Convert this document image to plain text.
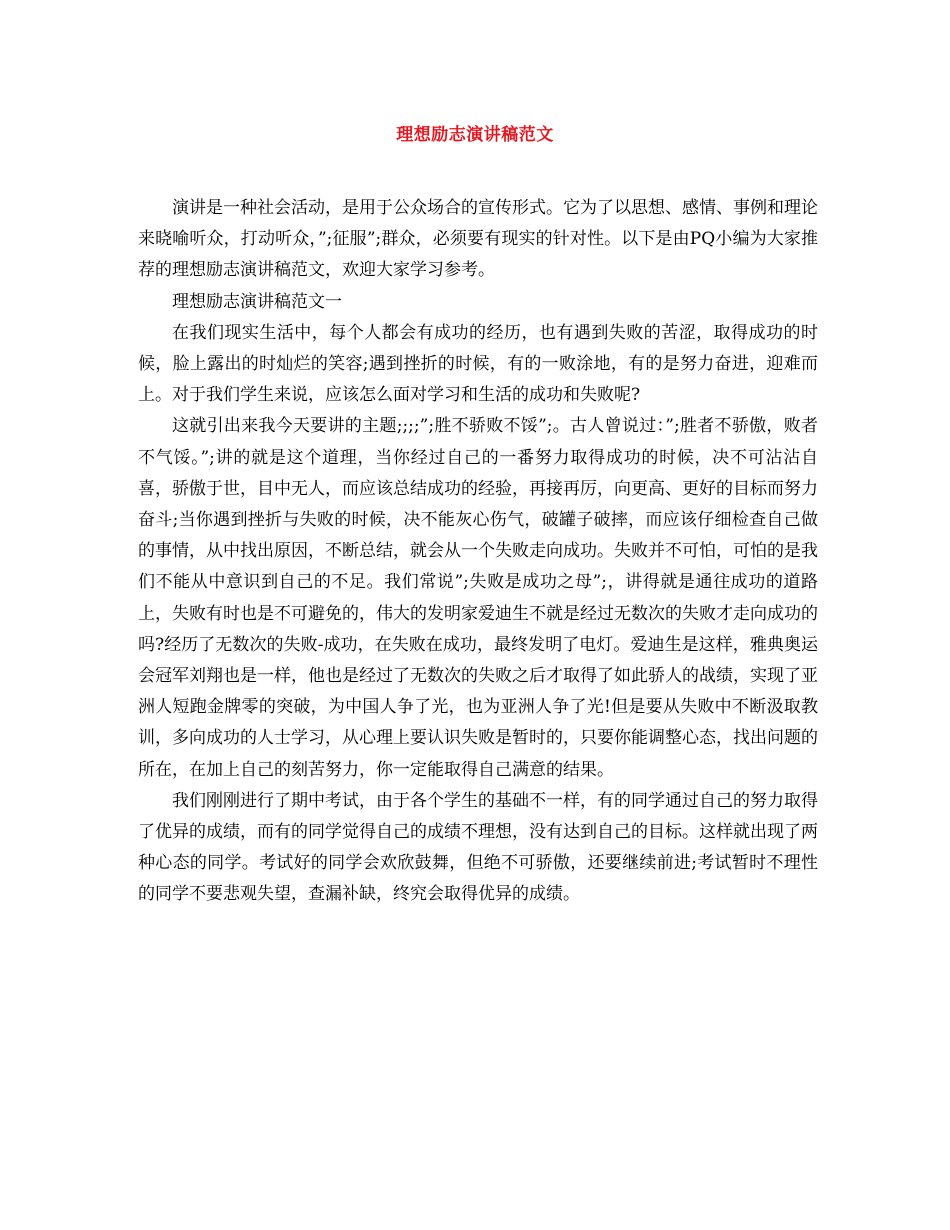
理想励志演讲稿范文

演讲是一种社会活动，是用于公众场合的宣传形式。它为了以思想、感情、事例和理论来晓喻听众，打动听众，”;征服”;群众，必须要有现实的针对性。以下是由PQ小编为大家推荐的理想励志演讲稿范文，欢迎大家学习参考。

理想励志演讲稿范文一

在我们现实生活中，每个人都会有成功的经历，也有遇到失败的苦涩，取得成功的时候，脸上露出的时灿烂的笑容;遇到挫折的时候，有的一败涂地，有的是努力奋进，迎难而上。对于我们学生来说，应该怎么面对学习和生活的成功和失败呢?

这就引出来我今天要讲的主题;;;;”;胜不骄败不馁”;。古人曾说过：”;胜者不骄傲，败者不气馁。”;讲的就是这个道理，当你经过自己的一番努力取得成功的时候，决不可沾沾自喜，骄傲于世，目中无人，而应该总结成功的经验，再接再厉，向更高、更好的目标而努力奋斗;当你遇到挫折与失败的时候，决不能灰心伤气，破罐子破摔，而应该仔细检查自己做的事情，从中找出原因，不断总结，就会从一个失败走向成功。失败并不可怕，可怕的是我们不能从中意识到自己的不足。我们常说”;失败是成功之母”;，讲得就是通往成功的道路上，失败有时也是不可避免的，伟大的发明家爱迪生不就是经过无数次的失败才走向成功的吗?经历了无数次的失败-成功，在失败在成功，最终发明了电灯。爱迪生是这样，雅典奥运会冠军刘翔也是一样，他也是经过了无数次的失败之后才取得了如此骄人的战绩，实现了亚洲人短跑金牌零的突破，为中国人争了光，也为亚洲人争了光!但是要从失败中不断汲取教训，多向成功的人士学习，从心理上要认识失败是暂时的，只要你能调整心态，找出问题的所在，在加上自己的刻苦努力，你一定能取得自己满意的结果。

我们刚刚进行了期中考试，由于各个学生的基础不一样，有的同学通过自己的努力取得了优异的成绩，而有的同学觉得自己的成绩不理想，没有达到自己的目标。这样就出现了两种心态的同学。考试好的同学会欢欣鼓舞，但绝不可骄傲，还要继续前进;考试暂时不理性的同学不要悲观失望，查漏补缺，终究会取得优异的成绩。
